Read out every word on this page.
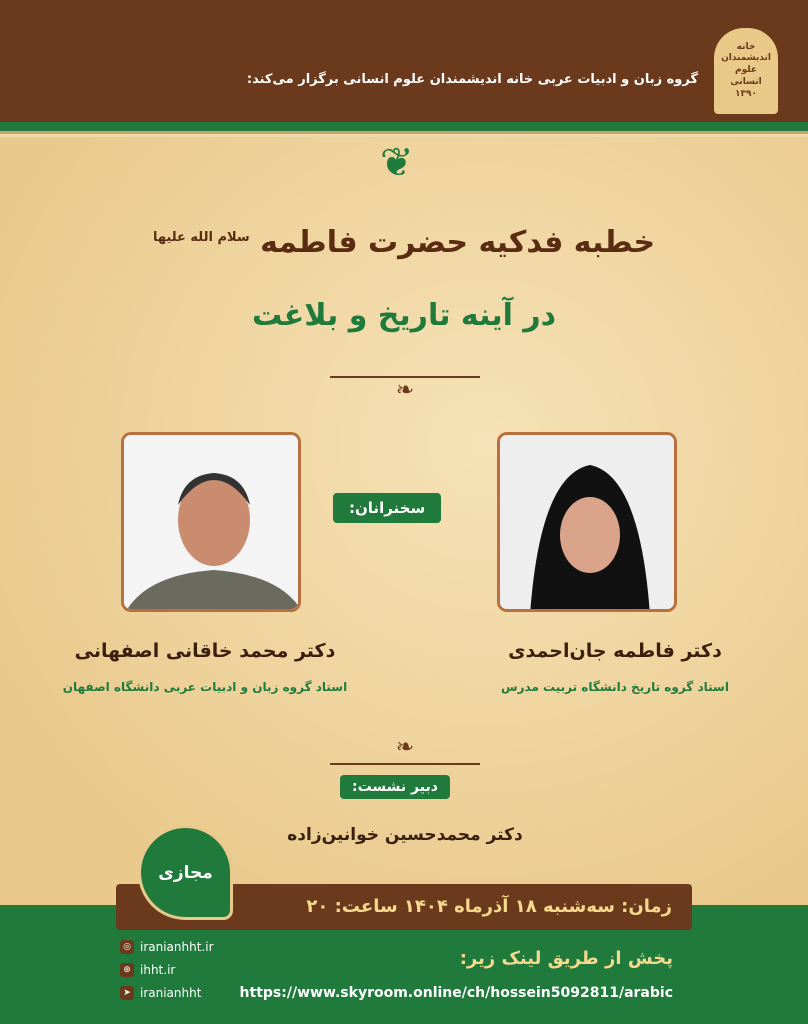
خانه اندیشمندان علوم انسانی ۱۳۹۰
گروه زبان و ادبیات عربی خانه اندیشمندان علوم انسانی برگزار می‌کند:
❦
خطبه فدکیه حضرت فاطمه $^{سلام الله علیها}$
در آینه تاریخ و بلاغت
❧
سخنرانان:
دکتر فاطمه جان‌احمدی
استاد گروه تاریخ دانشگاه تربیت مدرس
دکتر محمد خاقانی اصفهانی
استاد گروه زبان و ادبیات عربی دانشگاه اصفهان
❧
دبیر نشست:
دکتر محمدحسین خوانین‌زاده
زمان: سه‌شنبه ۱۸ آذرماه ۱۴۰۴ ساعت: ۲۰
مجازی
◎ iranianhht.ir
⊕ ihht.ir
➤ iranianhht
پخش از طریق لینک زیر:
https://www.skyroom.online/ch/hossein5092811/arabic
